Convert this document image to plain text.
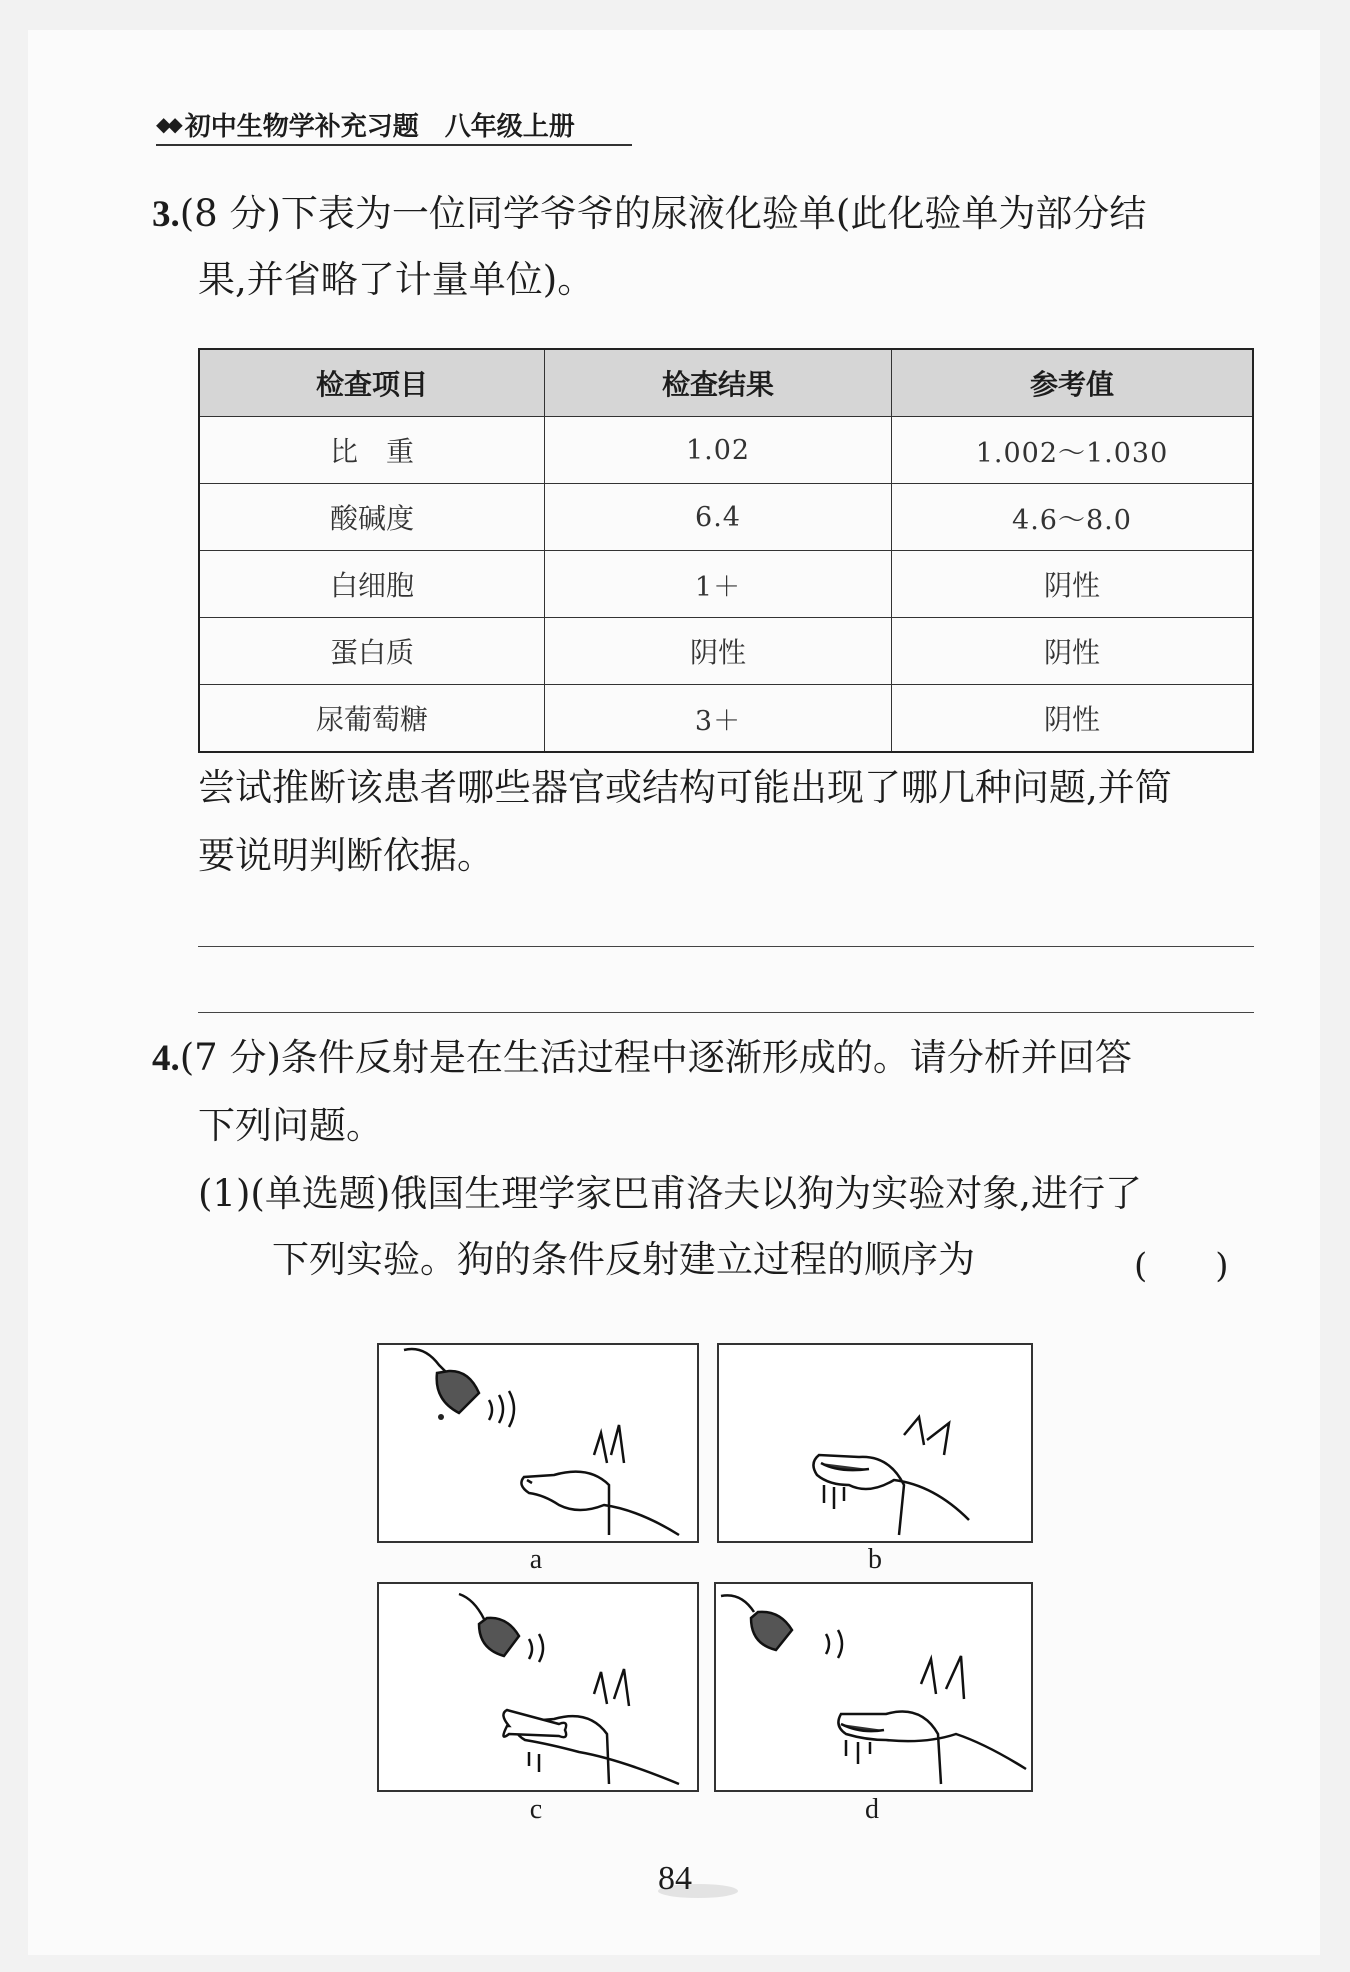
◆◆ 初中生物学补充习题 八年级上册
3.(8 分)下表为一位同学爷爷的尿液化验单(此化验单为部分结
果,并省略了计量单位)。
检查项目	检查结果	参考值
比　重	1.02	1.002～1.030
酸碱度	6.4	4.6～8.0
白细胞	1＋	阴性
蛋白质	阴性	阴性
尿葡萄糖	3＋	阴性
尝试推断该患者哪些器官或结构可能出现了哪几种问题,并简
要说明判断依据。
4.(7 分)条件反射是在生活过程中逐渐形成的。请分析并回答
下列问题。
(1)(单选题)俄国生理学家巴甫洛夫以狗为实验对象,进行了
下列实验。狗的条件反射建立过程的顺序为	(　　)
a	b
c	d
84
